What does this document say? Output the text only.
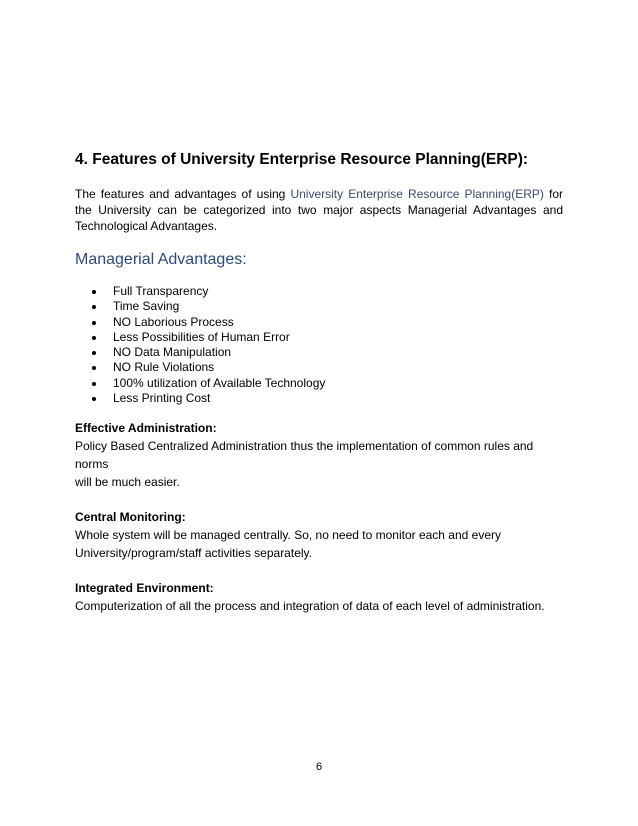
4. Features of University Enterprise Resource Planning(ERP):

The features and advantages of using University Enterprise Resource Planning(ERP) for the University can be categorized into two major aspects Managerial Advantages and Technological Advantages.

Managerial Advantages:
Full Transparency
Time Saving
NO Laborious Process
Less Possibilities of Human Error
NO Data Manipulation
NO Rule Violations
100% utilization of Available Technology
Less Printing Cost

Effective Administration:

Policy Based Centralized Administration thus the implementation of common rules and norms

will be much easier.

Central Monitoring:

Whole system will be managed centrally. So, no need to monitor each and every

University/program/staff activities separately.

Integrated Environment:

Computerization of all the process and integration of data of each level of administration.

6
